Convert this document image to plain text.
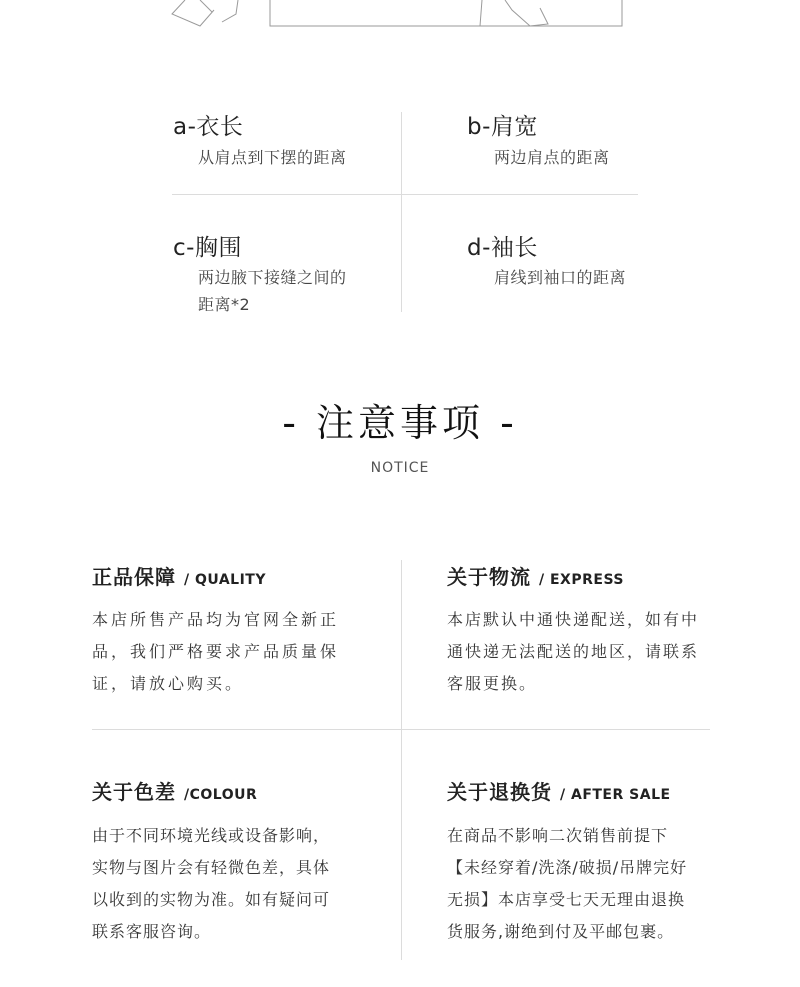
a-衣长
从肩点到下摆的距离
b-肩宽
两边肩点的距离
c-胸围
两边腋下接缝之间的
距离*2
d-袖长
肩线到袖口的距离
- 注意事项 -
NOTICE
正品保障 / QUALITY
本店所售产品均为官网全新正
品，我们严格要求产品质量保
证，请放心购买。
关于物流 / EXPRESS
本店默认中通快递配送，如有中
通快递无法配送的地区，请联系
客服更换。
关于色差 /COLOUR
由于不同环境光线或设备影响，
实物与图片会有轻微色差，具体
以收到的实物为准。如有疑问可
联系客服咨询。
关于退换货 / AFTER SALE
在商品不影响二次销售前提下
【未经穿着/洗涤/破损/吊牌完好
无损】本店享受七天无理由退换
货服务,谢绝到付及平邮包裹。
